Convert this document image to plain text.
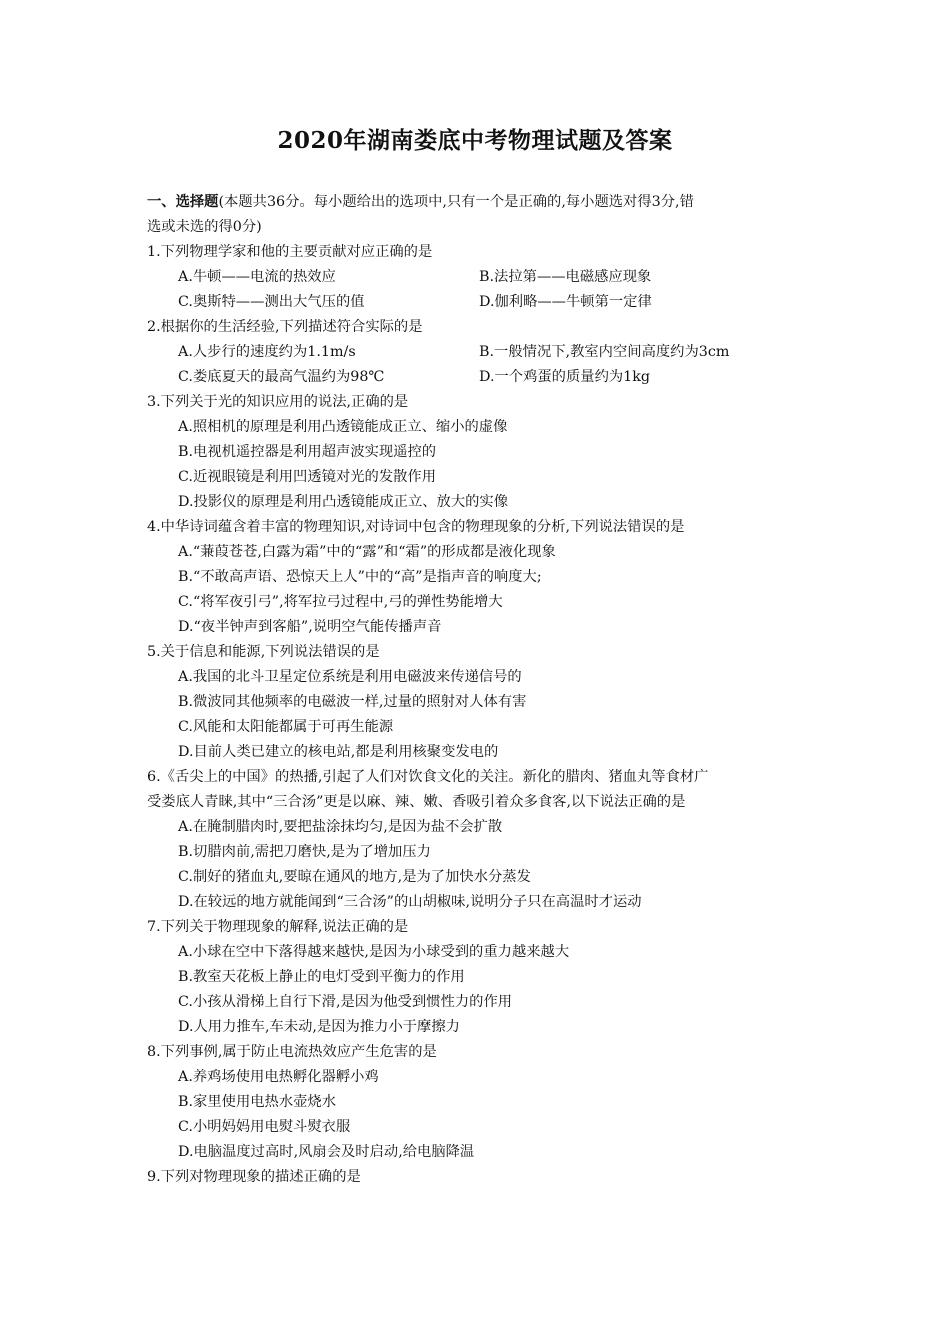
2020年湖南娄底中考物理试题及答案
一、选择题(本题共36分。每小题给出的选项中,只有一个是正确的,每小题选对得3分,错
选或未选的得0分)
1.下列物理学家和他的主要贡献对应正确的是
A.牛顿——电流的热效应	B.法拉第——电磁感应现象
C.奥斯特——测出大气压的值	D.伽利略——牛顿第一定律
2.根据你的生活经验,下列描述符合实际的是
A.人步行的速度约为1.1m/s	B.一般情况下,教室内空间高度约为3cm
C.娄底夏天的最高气温约为98℃	D.一个鸡蛋的质量约为1kg
3.下列关于光的知识应用的说法,正确的是
A.照相机的原理是利用凸透镜能成正立、缩小的虚像
B.电视机遥控器是利用超声波实现遥控的
C.近视眼镜是利用凹透镜对光的发散作用
D.投影仪的原理是利用凸透镜能成正立、放大的实像
4.中华诗词蕴含着丰富的物理知识,对诗词中包含的物理现象的分析,下列说法错误的是
A.“蒹葭苍苍,白露为霜”中的“露”和“霜”的形成都是液化现象
B.“不敢高声语、恐惊天上人”中的“高”是指声音的响度大;
C.“将军夜引弓”,将军拉弓过程中,弓的弹性势能增大
D.“夜半钟声到客船”,说明空气能传播声音
5.关于信息和能源,下列说法错误的是
A.我国的北斗卫星定位系统是利用电磁波来传递信号的
B.微波同其他频率的电磁波一样,过量的照射对人体有害
C.风能和太阳能都属于可再生能源
D.目前人类已建立的核电站,都是利用核聚变发电的
6.《舌尖上的中国》的热播,引起了人们对饮食文化的关注。新化的腊肉、猪血丸等食材广
受娄底人青睐,其中“三合汤”更是以麻、辣、嫩、香吸引着众多食客,以下说法正确的是
A.在腌制腊肉时,要把盐涂抹均匀,是因为盐不会扩散
B.切腊肉前,需把刀磨快,是为了增加压力
C.制好的猪血丸,要晾在通风的地方,是为了加快水分蒸发
D.在较远的地方就能闻到“三合汤”的山胡椒味,说明分子只在高温时才运动
7.下列关于物理现象的解释,说法正确的是
A.小球在空中下落得越来越快,是因为小球受到的重力越来越大
B.教室天花板上静止的电灯受到平衡力的作用
C.小孩从滑梯上自行下滑,是因为他受到惯性力的作用
D.人用力推车,车未动,是因为推力小于摩擦力
8.下列事例,属于防止电流热效应产生危害的是
A.养鸡场使用电热孵化器孵小鸡
B.家里使用电热水壶烧水
C.小明妈妈用电熨斗熨衣服
D.电脑温度过高时,风扇会及时启动,给电脑降温
9.下列对物理现象的描述正确的是
